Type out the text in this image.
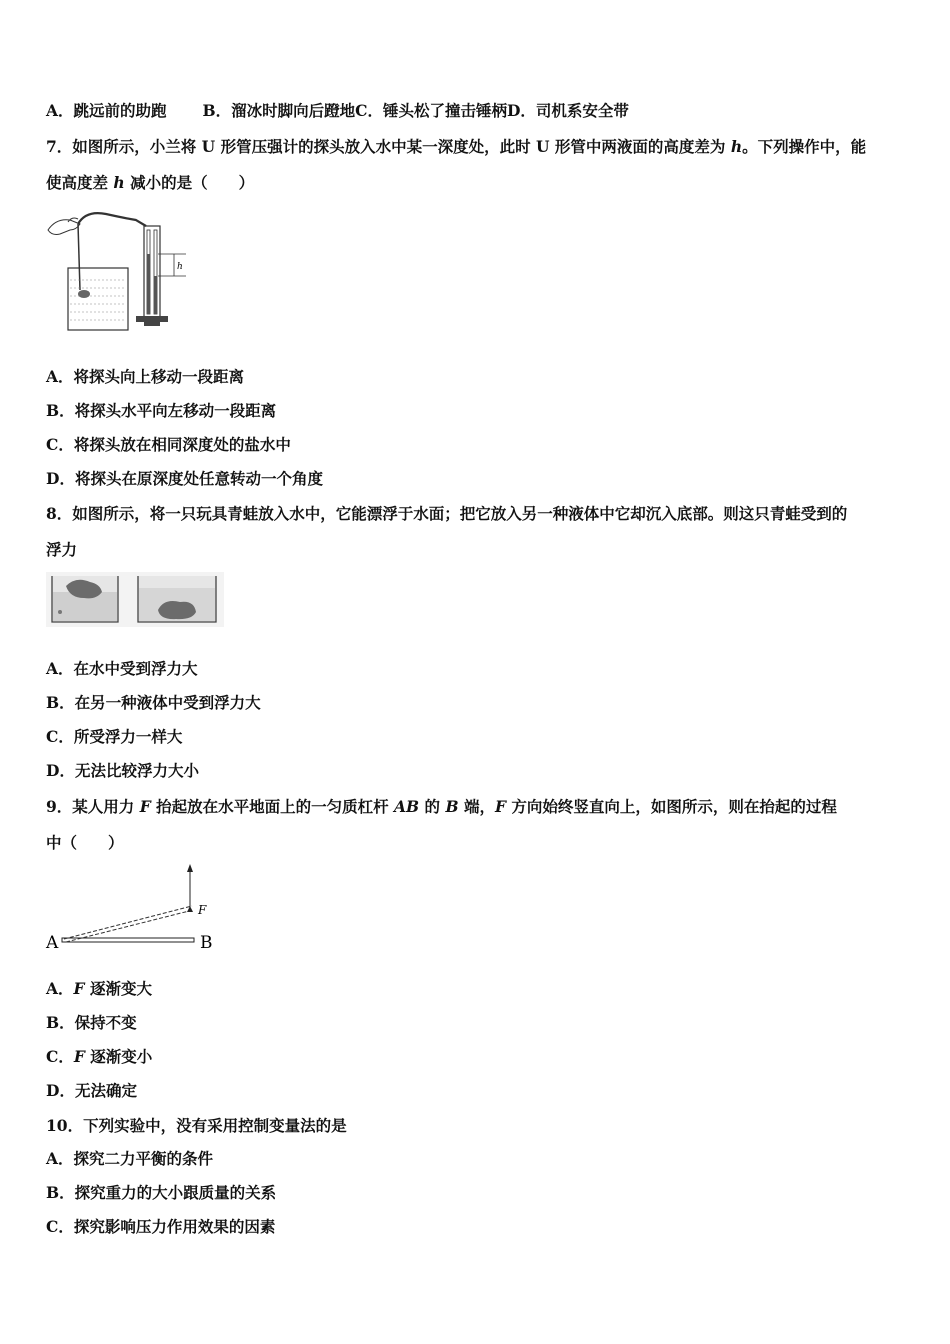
A．跳远前的助跑 B．溜冰时脚向后蹬地C．锤头松了撞击锤柄D．司机系安全带
7．如图所示，小兰将 U 形管压强计的探头放入水中某一深度处，此时 U 形管中两液面的高度差为 h。下列操作中，能
使高度差 h 减小的是（　　）
h
A．将探头向上移动一段距离
B．将探头水平向左移动一段距离
C．将探头放在相同深度处的盐水中
D．将探头在原深度处任意转动一个角度
8．如图所示，将一只玩具青蛙放入水中，它能漂浮于水面；把它放入另一种液体中它却沉入底部。则这只青蛙受到的
浮力
A．在水中受到浮力大
B．在另一种液体中受到浮力大
C．所受浮力一样大
D．无法比较浮力大小
9．某人用力 F 抬起放在水平地面上的一匀质杠杆 AB 的 B 端，F 方向始终竖直向上，如图所示，则在抬起的过程
中（　　）
F
A	B
A．F 逐渐变大
B．保持不变
C．F 逐渐变小
D．无法确定
10．下列实验中，没有采用控制变量法的是
A．探究二力平衡的条件
B．探究重力的大小跟质量的关系
C．探究影响压力作用效果的因素
